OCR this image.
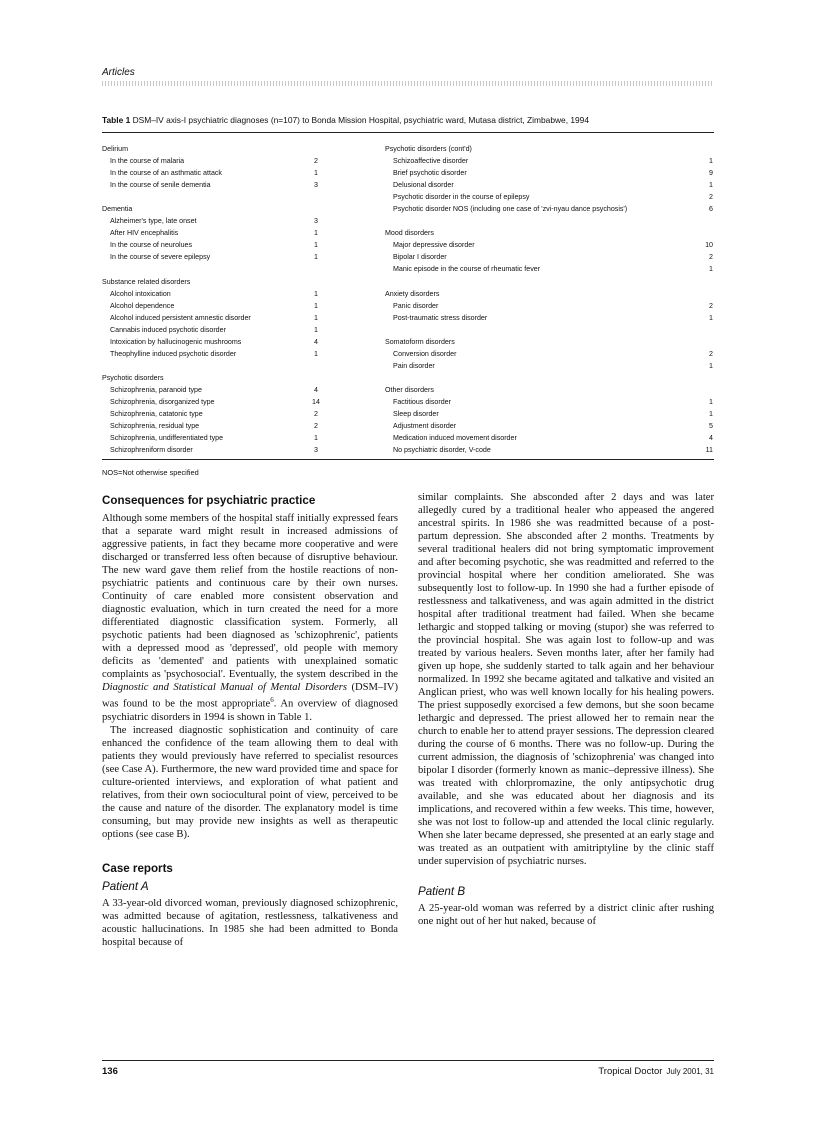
Articles
Table 1 DSM–IV axis-I psychiatric diagnoses (n=107) to Bonda Mission Hospital, psychiatric ward, Mutasa district, Zimbabwe, 1994
Delirium
In the course of malaria	2
In the course of an asthmatic attack	1
In the course of senile dementia	3
Dementia
Alzheimer's type, late onset	3
After HIV encephalitis	1
In the course of neurolues	1
In the course of severe epilepsy	1
Substance related disorders
Alcohol intoxication	1
Alcohol dependence	1
Alcohol induced persistent amnestic disorder	1
Cannabis induced psychotic disorder	1
Intoxication by hallucinogenic mushrooms	4
Theophylline induced psychotic disorder	1
Psychotic disorders
Schizophrenia, paranoid type	4
Schizophrenia, disorganized type	14
Schizophrenia, catatonic type	2
Schizophrenia, residual type	2
Schizophrenia, undifferentiated type	1
Schizophreniform disorder	3
Psychotic disorders (cont'd)
Schizoaffective disorder	1
Brief psychotic disorder	9
Delusional disorder	1
Psychotic disorder in the course of epilepsy	2
Psychotic disorder NOS (including one case of 'zvi-nyau dance psychosis')	6
Mood disorders
Major depressive disorder	10
Bipolar I disorder	2
Manic episode in the course of rheumatic fever	1
Anxiety disorders
Panic disorder	2
Post-traumatic stress disorder	1
Somatoform disorders
Conversion disorder	2
Pain disorder	1
Other disorders
Factitious disorder	1
Sleep disorder	1
Adjustment disorder	5
Medication induced movement disorder	4
No psychiatric disorder, V-code	11
NOS=Not otherwise specified
Consequences for psychiatric practice

Although some members of the hospital staff initially expressed fears that a separate ward might result in increased admissions of aggressive patients, in fact they became more cooperative and were discharged or transferred less often because of disruptive behaviour. The new ward gave them relief from the hostile reactions of non-psychiatric patients and continuous care by their own nurses. Continuity of care enabled more consistent observation and diagnostic evaluation, which in turn created the need for a more differentiated diagnostic classification system. Formerly, all psychotic patients had been diagnosed as 'schizophrenic', patients with a depressed mood as 'depressed', old people with memory deficits as 'demented' and patients with unexplained somatic complaints as 'psychosocial'. Eventually, the system described in the Diagnostic and Statistical Manual of Mental Disorders (DSM–IV) was found to be the most appropriate$^6$. An overview of diagnosed psychiatric disorders in 1994 is shown in Table 1.

The increased diagnostic sophistication and continuity of care enhanced the confidence of the team allowing them to deal with patients they would previously have referred to specialist resources (see Case A). Furthermore, the new ward provided time and space for culture-oriented interviews, and exploration of what patient and relatives, from their own sociocultural point of view, perceived to be the cause and nature of the disorder. The explanatory model is time consuming, but may provide new insights as well as therapeutic options (see case B).

Case reports
Patient A

A 33-year-old divorced woman, previously diagnosed schizophrenic, was admitted because of agitation, restlessness, talkativeness and acoustic hallucinations. In 1985 she had been admitted to Bonda hospital because of

similar complaints. She absconded after 2 days and was later allegedly cured by a traditional healer who appeased the angered ancestral spirits. In 1986 she was readmitted because of a post-partum depression. She absconded after 2 months. Treatments by several traditional healers did not bring symptomatic improvement and after becoming psychotic, she was readmitted and referred to the provincial hospital where her condition ameliorated. She was subsequently lost to follow-up. In 1990 she had a further episode of restlessness and talkativeness, and was again admitted in the district hospital after traditional treatment had failed. When she became lethargic and stopped talking or moving (stupor) she was referred to the provincial hospital. She was again lost to follow-up and was treated by various healers. Seven months later, after her family had given up hope, she suddenly started to talk again and her behaviour normalized. In 1992 she became agitated and talkative and visited an Anglican priest, who was well known locally for his healing powers. The priest supposedly exorcised a few demons, but she soon became lethargic and depressed. The priest allowed her to remain near the church to enable her to attend prayer sessions. The depression cleared during the course of 6 months. There was no follow-up. During the current admission, the diagnosis of 'schizophrenia' was changed into bipolar I disorder (formerly known as manic–depressive illness). She was treated with chlorpromazine, the only antipsychotic drug available, and she was educated about her diagnosis and its implications, and recovered within a few weeks. This time, however, she was not lost to follow-up and attended the local clinic regularly. When she later became depressed, she presented at an early stage and was treated as an outpatient with amitriptyline by the clinic staff under supervision of psychiatric nurses.

Patient B

A 25-year-old woman was referred by a district clinic after rushing one night out of her hut naked, because of

136	Tropical Doctor July 2001, 31
